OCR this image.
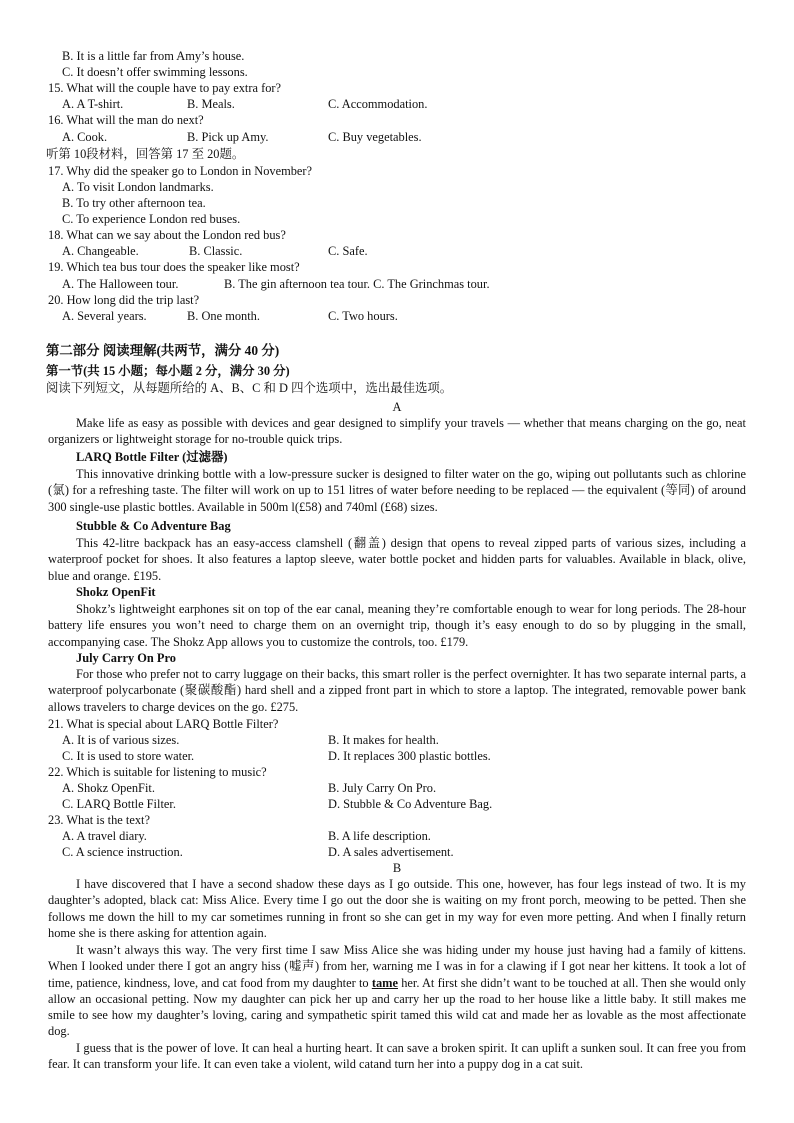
B. It is a little far from Amy’s house.
C. It doesn’t offer swimming lessons.
15. What will the couple have to pay extra for?
A. A T-shirt.	B. Meals.	C. Accommodation.
16. What will the man do next?
A. Cook.	B. Pick up Amy.	C. Buy vegetables.
听第 10段材料，回答第 17 至 20题。
17. Why did the speaker go to London in November?
A. To visit London landmarks.
B. To try other afternoon tea.
C. To experience London red buses.
18. What can we say about the London red bus?
A. Changeable.	B. Classic.	C. Safe.
19. Which tea bus tour does the speaker like most?
A. The Halloween tour.	B. The gin afternoon tea tour. C. The Grinchmas tour.
20. How long did the trip last?
A. Several years.	B. One month.	C. Two hours.
第二部分 阅读理解(共两节，满分 40 分)
第一节(共 15 小题；每小题 2 分，满分 30 分)
阅读下列短文，从每题所给的 A、B、C 和 D 四个选项中，选出最佳选项。
A
Make life as easy as possible with devices and gear designed to simplify your travels — whether that means charging on the go, neat organizers or lightweight storage for no-trouble quick trips.
LARQ Bottle Filter (过滤器)
This innovative drinking bottle with a low-pressure sucker is designed to filter water on the go, wiping out pollutants such as chlorine (氯) for a refreshing taste. The filter will work on up to 151 litres of water before needing to be replaced — the equivalent (等同) of around 300 single-use plastic bottles. Available in 500m l(£58) and 740ml (£68) sizes.
Stubble & Co Adventure Bag
This 42-litre backpack has an easy-access clamshell (翻盖) design that opens to reveal zipped parts of various sizes, including a waterproof pocket for shoes. It also features a laptop sleeve, water bottle pocket and hidden parts for valuables. Available in black, olive, blue and orange. £195.
Shokz OpenFit
Shokz’s lightweight earphones sit on top of the ear canal, meaning they’re comfortable enough to wear for long periods. The 28-hour battery life ensures you won’t need to charge them on an overnight trip, though it’s easy enough to do so by plugging in the small, accompanying case. The Shokz App allows you to customize the controls, too. £179.
July Carry On Pro
For those who prefer not to carry luggage on their backs, this smart roller is the perfect overnighter. It has two separate internal parts, a waterproof polycarbonate (聚碳酸酯) hard shell and a zipped front part in which to store a laptop. The integrated, removable power bank allows travelers to charge devices on the go. £275.
21. What is special about LARQ Bottle Filter?
A. It is of various sizes.	B. It makes for health.
C. It is used to store water.	D. It replaces 300 plastic bottles.
22. Which is suitable for listening to music?
A. Shokz OpenFit.	B. July Carry On Pro.
C. LARQ Bottle Filter.	D. Stubble & Co Adventure Bag.
23. What is the text?
A. A travel diary.	B. A life description.
C. A science instruction.	D. A sales advertisement.
B
I have discovered that I have a second shadow these days as I go outside. This one, however, has four legs instead of two. It is my daughter’s adopted, black cat: Miss Alice. Every time I go out the door she is waiting on my front porch, meowing to be petted. Then she follows me down the hill to my car sometimes running in front so she can get in my way for even more petting. And when I finally return home she is there asking for attention again.
It wasn’t always this way. The very first time I saw Miss Alice she was hiding under my house just having had a family of kittens. When I looked under there I got an angry hiss (嘘声) from her, warning me I was in for a clawing if I got near her kittens. It took a lot of time, patience, kindness, love, and cat food from my daughter to tame her. At first she didn’t want to be touched at all. Then she would only allow an occasional petting. Now my daughter can pick her up and carry her up the road to her house like a little baby. It still makes me smile to see how my daughter’s loving, caring and sympathetic spirit tamed this wild cat and made her as lovable as the most affectionate dog.
I guess that is the power of love. It can heal a hurting heart. It can save a broken spirit. It can uplift a sunken soul. It can free you from fear. It can transform your life. It can even take a violent, wild catand turn her into a puppy dog in a cat suit.
